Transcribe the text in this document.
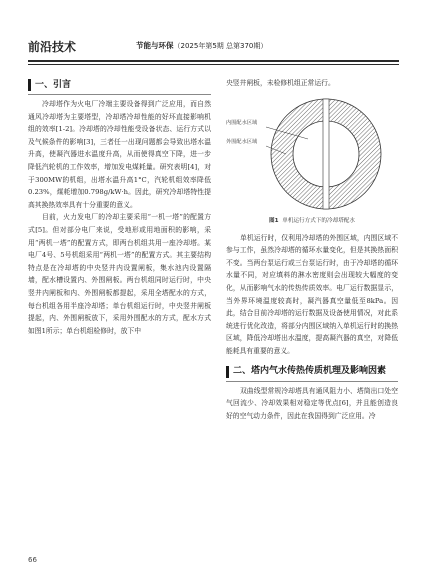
前沿技术	节能与环保（2025年第5期 总第370期）
一、引言

冷却塔作为火电厂冷端主要设备得到广泛应用，而自然通风冷却塔为主要塔型，冷却塔冷却性能的好坏直接影响机组的效率[1-2]。冷却塔的冷却性能受设备状态、运行方式以及气候条件的影响[3]，三者任一出现问题都会导致出塔水温升高，使凝汽器进水温度升高，从而使得真空下降，进一步降低汽轮机的工作效率，增加发电煤耗量。研究表明[4]，对于300MW的机组，出塔水温升高1°C，汽轮机组效率降低0.23%，煤耗增加0.798g/kW·h。因此，研究冷却塔特性提高其换热效率具有十分重要的意义。

目前，火力发电厂的冷却主要采用“一机一塔”的配置方式[5]。但对部分电厂来说，受地形或用地面积的影响，采用“两机一塔”的配置方式，即两台机组共用一座冷却塔。某电厂4号、5号机组采用“两机一塔”的配置方式。其主要结构特点是在冷却塔的中央竖井内设置闸板，集水池内设置隔墙，配水槽设置内、外围闸板。两台机组同时运行时，中央竖井内闸板和内、外围闸板都提起，采用全塔配水的方式，每台机组各用半座冷却塔；单台机组运行时，中央竖井闸板提起，内、外围闸板放下，采用外围配水的方式，配水方式如图1所示；单台机组检修时，放下中

央竖井闸板，未检修机组正常运行。

内围配水区域
外围配水区域
图1 单机运行方式下的冷却塔配水

单机运行时，仅利用冷却塔的外围区域，内围区域不参与工作，虽然冷却塔的循环水量变化，但是其换热面积不变。当两台泵运行或三台泵运行时，由于冷却塔的循环水量不同，对应填料的淋水密度则会出现较大幅度的变化，从而影响气水的传热传质效率。电厂运行数据显示，当外界环境温度较高时，凝汽器真空量低至8kPa。因此，结合目前冷却塔的运行数据及设备使用情况，对此系统进行优化改造，将部分内围区域纳入单机运行时的换热区域，降低冷却塔出水温度，提高凝汽器的真空，对降低能耗具有重要的意义。

二、塔内气水传热传质机理及影响因素

双曲线型常规冷却塔具有通风阻力小、塔筒出口处空气回流少、冷却效果相对稳定等优点[6]，并且能创造良好的空气动力条件，因此在我国得到广泛应用。冷

66
